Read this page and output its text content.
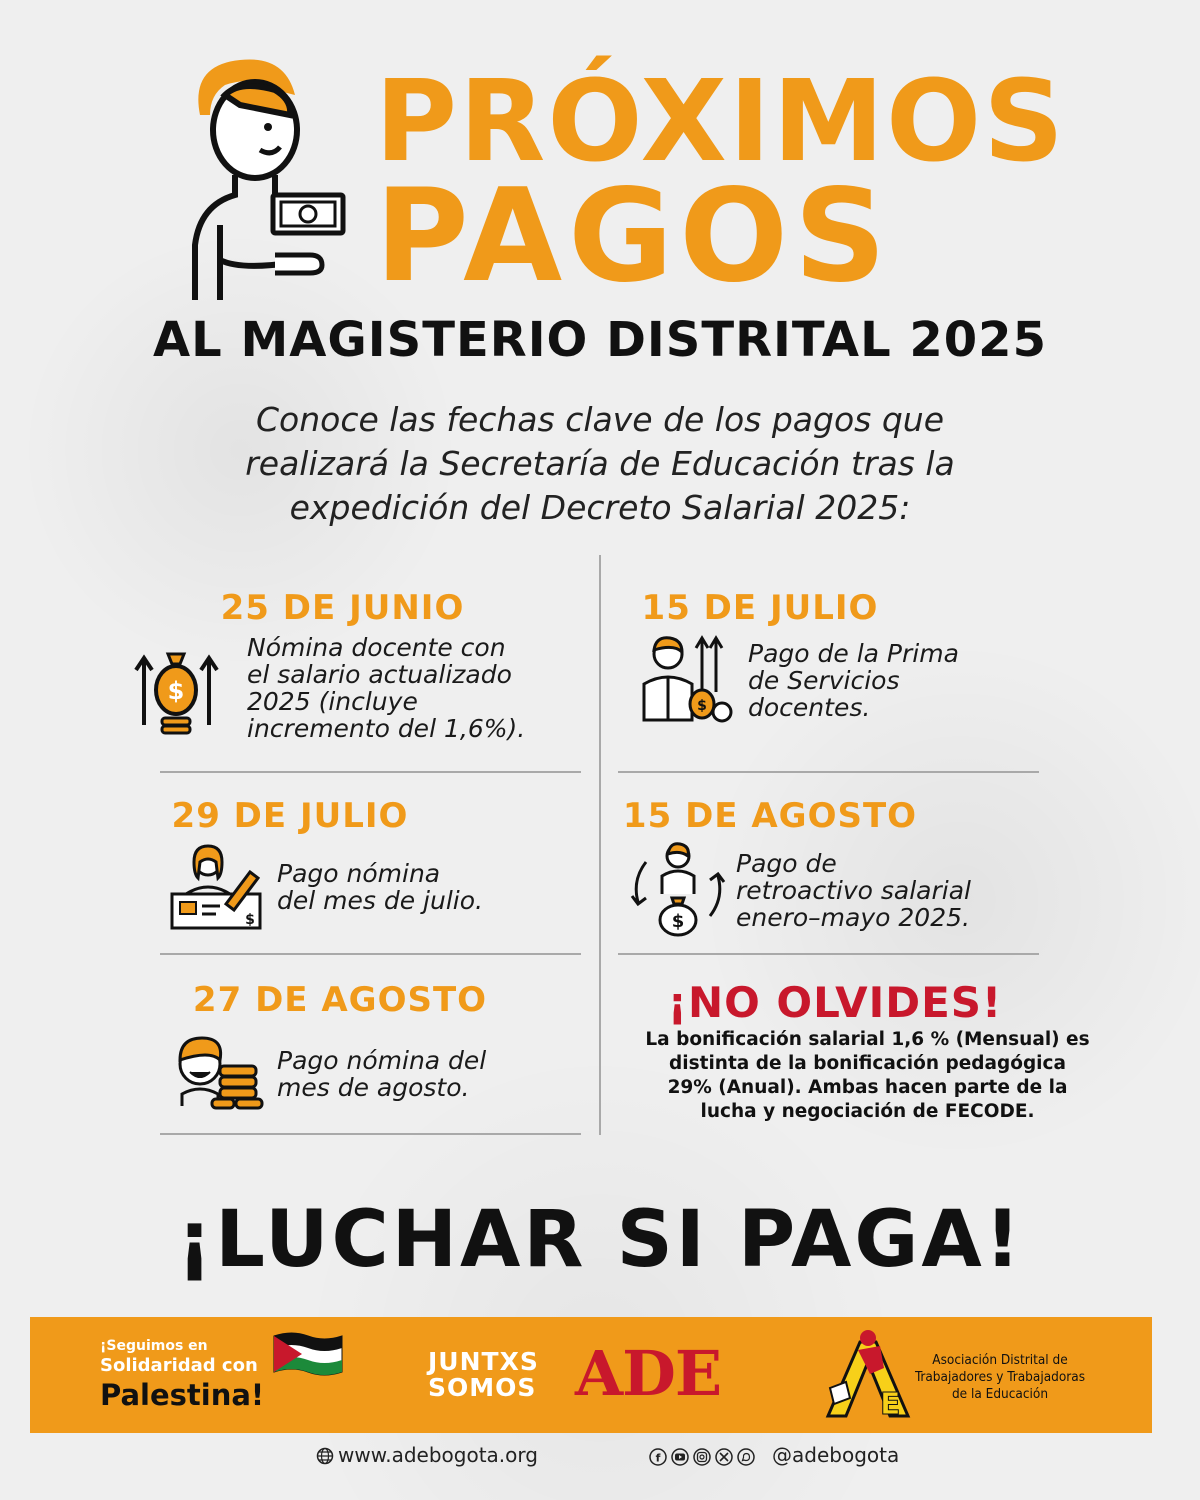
PRÓXIMOS
PAGOS
AL MAGISTERIO DISTRITAL 2025
Conoce las fechas clave de los pagos que
realizará la Secretaría de Educación tras la
expedición del Decreto Salarial 2025:
25 DE JUNIO
$
Nómina docente con
el salario actualizado
2025 (incluye
incremento del 1,6%).
15 DE JULIO
$
Pago de la Prima
de Servicios
docentes.
29 DE JULIO
$
Pago nómina
del mes de julio.
15 DE AGOSTO
$
Pago de
retroactivo salarial
enero–mayo 2025.
27 DE AGOSTO
Pago nómina del
mes de agosto.
¡NO OLVIDES!
La bonificación salarial 1,6 % (Mensual) es
distinta de la bonificación pedagógica
29% (Anual). Ambas hacen parte de la
lucha y negociación de FECODE.
¡LUCHAR SI PAGA!
¡Seguimos en
Solidaridad con
Palestina!
JUNTXS
SOMOS ADE	E
Asociación Distrital de
Trabajadores y Trabajadoras
de la Educación
www.adebogota.org	f	@adebogota
